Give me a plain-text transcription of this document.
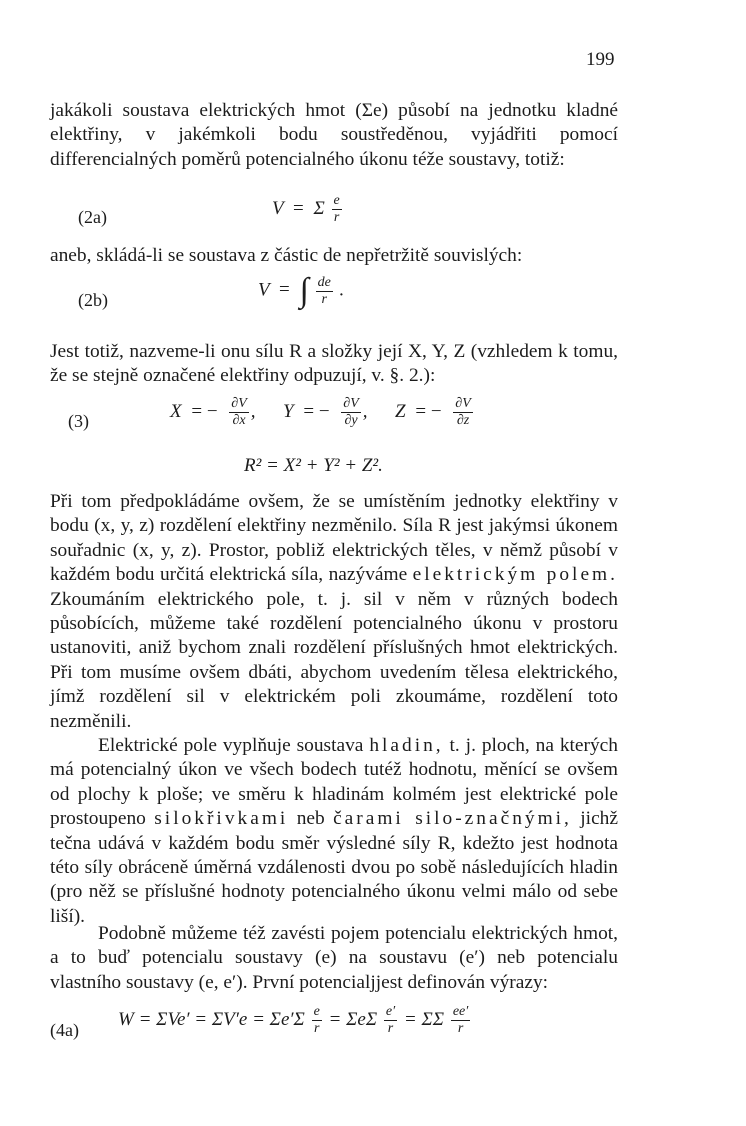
199

jakákoli soustava elektrických hmot (Σe) působí na jednotku kladné elektřiny, v jakémkoli bodu soustředěnou, vyjádřiti pomocí differencialných poměrů potencialného úkonu téže soustavy, totiž:

(2a)	V = Σ $\frac{e}{r}$

aneb, skládá-li se soustava z částic de nepřetržitě souvislých:

(2b)	V = ∫ $\frac{de}{r}$ .

Jest totiž, nazveme-li onu sílu R a složky její X, Y, Z (vzhledem k tomu, že se stejně označené elektřiny odpuzují, v. §. 2.):

(3)	X = − $\frac{\partial V}{\partial x}$ , Y = − $\frac{\partial V}{\partial y}$ , Z = − $\frac{\partial V}{\partial z}$
R² = X² + Y² + Z².

Při tom předpokládáme ovšem, že se umístěním jednotky elektřiny v bodu (x, y, z) rozdělení elektřiny nezměnilo. Síla R jest jakýmsi úkonem souřadnic (x, y, z). Prostor, pobliž elektrických těles, v němž působí v každém bodu určitá elektrická síla, nazýváme elektrickým polem. Zkoumáním elektrického pole, t. j. sil v něm v různých bodech působících, můžeme také rozdělení potencialného úkonu v prostoru ustanoviti, aniž bychom znali rozdělení příslušných hmot elektrických. Při tom musíme ovšem dbáti, abychom uvedením tělesa elektrického, jímž rozdělení sil v elektrickém poli zkoumáme, rozdělení toto nezměnili.

Elektrické pole vyplňuje soustava hladin, t. j. ploch, na kterých má potencialný úkon ve všech bodech tutéž hodnotu, měnící se ovšem od plochy k ploše; ve směru k hladinám kolmém jest elektrické pole prostoupeno silokřivkami neb čarami silo-značnými, jichž tečna udává v každém bodu směr výsledné síly R, kdežto jest hodnota této síly obráceně úměrná vzdálenosti dvou po sobě následujících hladin (pro něž se příslušné hodnoty potencialného úkonu velmi málo od sebe liší).

Podobně můžeme též zavésti pojem potencialu elektrických hmot, a to buď potencialu soustavy (e) na soustavu (e′) neb potencialu vlastního soustavy (e, e′). První potencialjjest definován výrazy:

(4a)
$W = \Sigma Ve' = \Sigma V'e = \Sigma e'\Sigma \frac{e}{r} = \Sigma e\Sigma \frac{e'}{r} = \Sigma\Sigma \frac{ee'}{r}$
